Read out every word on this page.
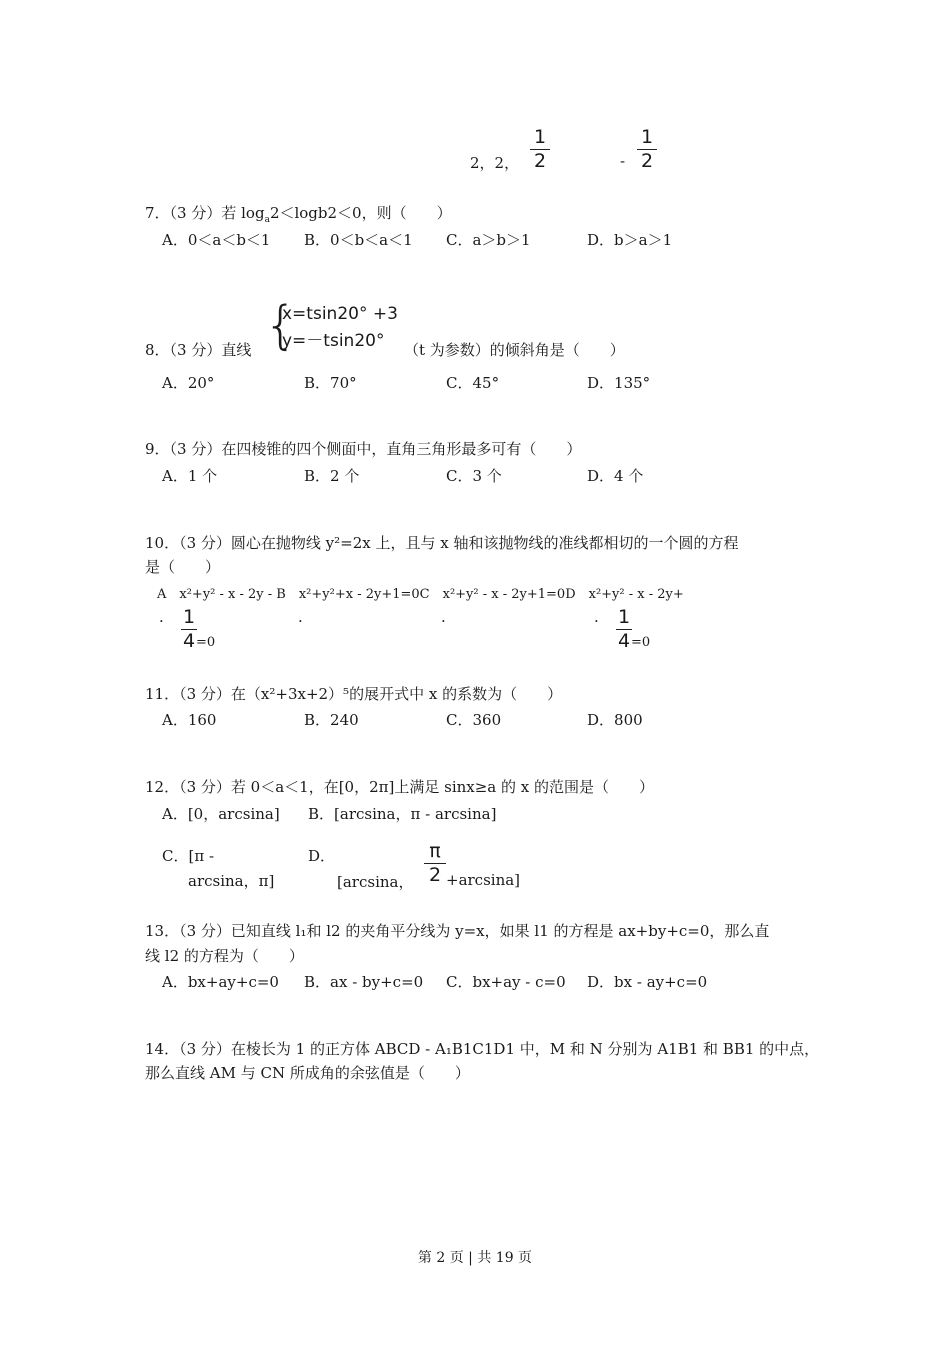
2，2，
1
2	-
1
2
7．（3 分）若 $\log_a2<\log b2<0$，则（　　）
A．0＜a＜b＜1 B．0＜b＜a＜1 C．a＞b＞1	D．b＞a＞1
8．（3 分）直线 {
x=tsin20° +3
y=－tsin20°	（t 为参数）的倾斜角是（　　）
A．20°	B．70°	C．45°	D．135°
9．（3 分）在四棱锥的四个侧面中，直角三角形最多可有（　　）
A．1 个	B．2 个	C．3 个	D．4 个
10．（3 分）圆心在抛物线 y²=2x 上，且与 x 轴和该抛物线的准线都相切的一个圆的方程
是（　　）
A　x²+y² - x - 2y - B　x²+y²+x - 2y+1=0C　x²+y² - x - 2y+1=0D　x²+y² - x - 2y+
.	.	.	.
1
4 =0
1
4 =0
11．（3 分）在（x²+3x+2）⁵的展开式中 x 的系数为（　　）
A．160	B．240	C．360	D．800
12．（3 分）若 0＜a＜1，在[0，2π]上满足 sinx≥a 的 x 的范围是（　　）
A．[0，arcsina] B．[arcsina，π - arcsina]
C．[π -
arcsina，π]
D．
[arcsina，
π
2 +arcsina]
13．（3 分）已知直线 l₁和 l2 的夹角平分线为 y=x，如果 l1 的方程是 ax+by+c=0，那么直
线 l2 的方程为（　　）
A．bx+ay+c=0 B．ax - by+c=0 C．bx+ay - c=0 D．bx - ay+c=0
14．（3 分）在棱长为 1 的正方体 ABCD - A₁B1C1D1 中，M 和 N 分别为 A1B1 和 BB1 的中点，
那么直线 AM 与 CN 所成角的余弦值是（　　）
第 2 页 | 共 19 页
